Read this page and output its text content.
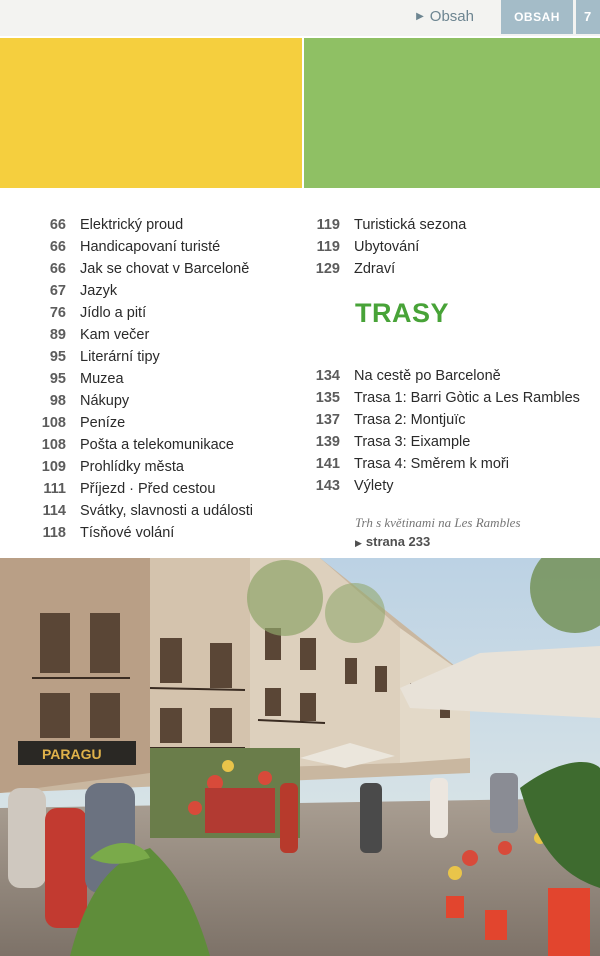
▶ Obsah	OBSAH	7
66 Elektrický proud
66 Handicapovaní turisté
66 Jak se chovat v Barceloně
67 Jazyk
76 Jídlo a pití
89 Kam večer
95 Literární tipy
95 Muzea
98 Nákupy
108 Peníze
108 Pošta a telekomunikace
109 Prohlídky města
111 Příjezd · Před cestou
114 Svátky, slavnosti a události
118 Tísňové volání
119 Turistická sezona
119 Ubytování
129 Zdraví
TRASY
134 Na cestě po Barceloně
135 Trasa 1: Barri Gòtic a Les Rambles
137 Trasa 2: Montjuïc
139 Trasa 3: Eixample
141 Trasa 4: Směrem k moři
143 Výlety
Trh s květinami na Les Rambles
▶ strana 233
PARAGU
